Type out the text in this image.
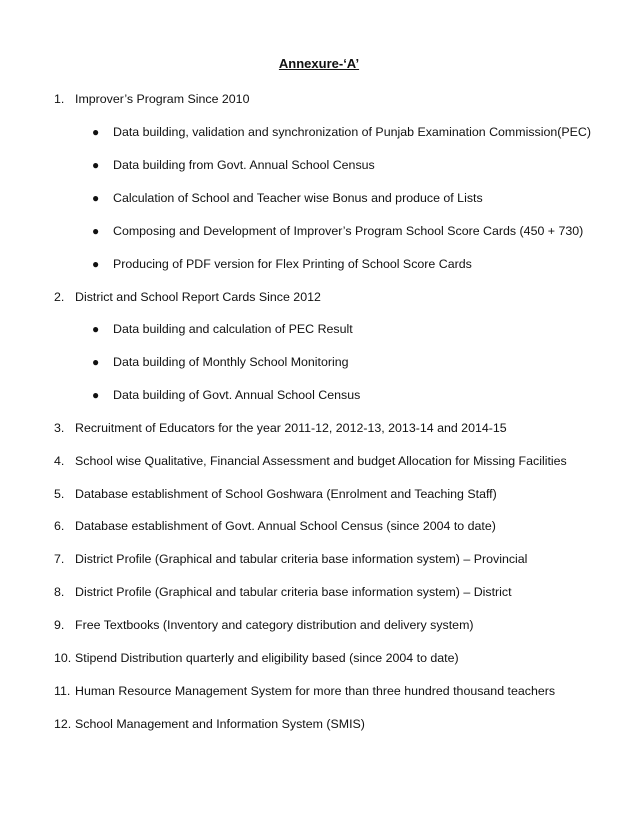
Annexure-‘A’
1. Improver’s Program Since 2010
● Data building, validation and synchronization of Punjab Examination Commission(PEC)
● Data building from Govt. Annual School Census
● Calculation of School and Teacher wise Bonus and produce of Lists
● Composing and Development of Improver’s Program School Score Cards (450 + 730)
● Producing of PDF version for Flex Printing of School Score Cards
2. District and School Report Cards Since 2012
● Data building and calculation of PEC Result
● Data building of Monthly School Monitoring
● Data building of Govt. Annual School Census
3. Recruitment of Educators for the year 2011-12, 2012-13, 2013-14 and 2014-15
4. School wise Qualitative, Financial Assessment and budget Allocation for Missing Facilities
5. Database establishment of School Goshwara (Enrolment and Teaching Staff)
6. Database establishment of Govt. Annual School Census (since 2004 to date)
7. District Profile (Graphical and tabular criteria base information system) – Provincial
8. District Profile (Graphical and tabular criteria base information system) – District
9. Free Textbooks (Inventory and category distribution and delivery system)
10. Stipend Distribution quarterly and eligibility based (since 2004 to date)
11. Human Resource Management System for more than three hundred thousand teachers
12. School Management and Information System (SMIS)
